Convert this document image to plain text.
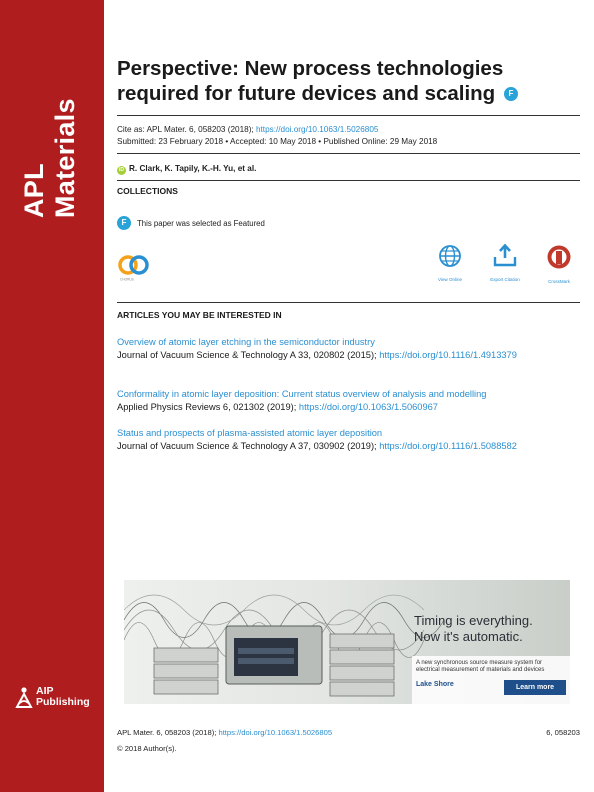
APL Materials
AIP
Publishing
Perspective: New process technologies required for future devices and scaling F
Cite as: APL Mater. 6, 058203 (2018); https://doi.org/10.1063/1.5026805
Submitted: 23 February 2018 • Accepted: 10 May 2018 • Published Online: 29 May 2018
iD R. Clark, K. Tapily, K.-H. Yu, et al.
COLLECTIONS
F	This paper was selected as Featured
CHORUS	View Online	Export Citation	CrossMark
ARTICLES YOU MAY BE INTERESTED IN
Overview of atomic layer etching in the semiconductor industry
Journal of Vacuum Science & Technology A 33, 020802 (2015); https://doi.org/10.1116/1.4913379
Conformality in atomic layer deposition: Current status overview of analysis and modelling
Applied Physics Reviews 6, 021302 (2019); https://doi.org/10.1063/1.5060967
Status and prospects of plasma-assisted atomic layer deposition
Journal of Vacuum Science & Technology A 37, 030902 (2019); https://doi.org/10.1116/1.5088582
Timing is everything.
Now it's automatic.
A new synchronous source measure system for electrical measurement of materials and devices
Lake Shore	Learn more
APL Mater. 6, 058203 (2018); https://doi.org/10.1063/1.5026805	6, 058203
© 2018 Author(s).
